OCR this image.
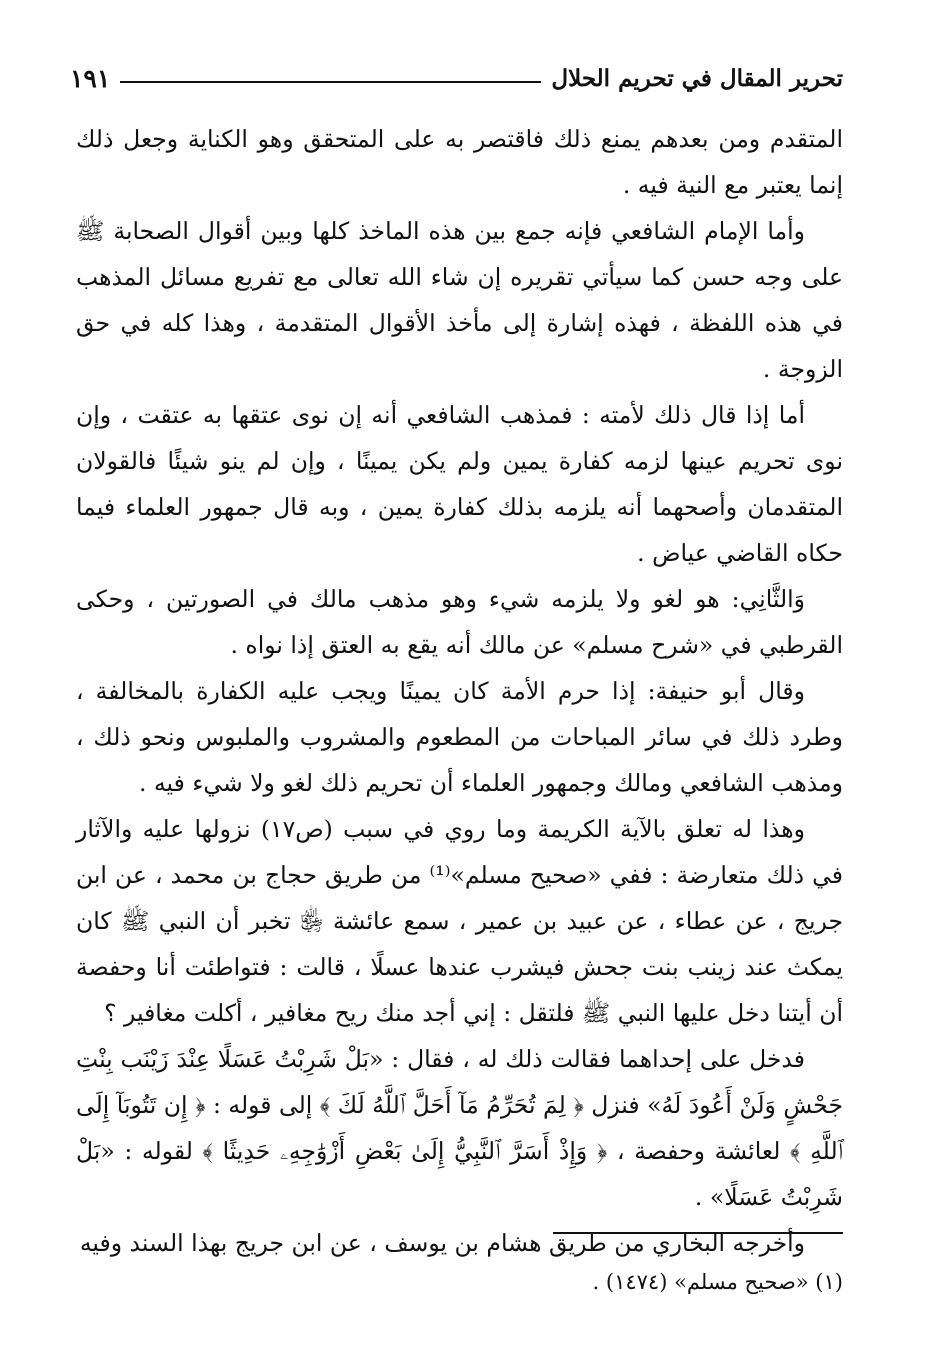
تحرير المقال في تحريم الحلال
١٩١

المتقدم ومن بعدهم يمنع ذلك فاقتصر به على المتحقق وهو الكناية وجعل ذلك إنما يعتبر مع النية فيه .

وأما الإمام الشافعي فإنه جمع بين هذه الماخذ كلها وبين أقوال الصحابة ﷺ على وجه حسن كما سيأتي تقريره إن شاء الله تعالى مع تفريع مسائل المذهب في هذه اللفظة ، فهذه إشارة إلى مأخذ الأقوال المتقدمة ، وهذا كله في حق الزوجة .

أما إذا قال ذلك لأمته : فمذهب الشافعي أنه إن نوى عتقها به عتقت ، وإن نوى تحريم عينها لزمه كفارة يمين ولم يكن يمينًا ، وإن لم ينو شيئًا فالقولان المتقدمان وأصحهما أنه يلزمه بذلك كفارة يمين ، وبه قال جمهور العلماء فيما حكاه القاضي عياض .

وَالثَّانِي: هو لغو ولا يلزمه شيء وهو مذهب مالك في الصورتين ، وحكى القرطبي في «شرح مسلم» عن مالك أنه يقع به العتق إذا نواه .

وقال أبو حنيفة: إذا حرم الأمة كان يمينًا ويجب عليه الكفارة بالمخالفة ، وطرد ذلك في سائر المباحات من المطعوم والمشروب والملبوس ونحو ذلك ، ومذهب الشافعي ومالك وجمهور العلماء أن تحريم ذلك لغو ولا شيء فيه .

وهذا له تعلق بالآية الكريمة وما روي في سبب (ص١٧) نزولها عليه والآثار في ذلك متعارضة : ففي «صحيح مسلم»⁽¹⁾ من طريق حجاج بن محمد ، عن ابن جريج ، عن عطاء ، عن عبيد بن عمير ، سمع عائشة ﵂ تخبر أن النبي ﷺ كان يمكث عند زينب بنت جحش فيشرب عندها عسلًا ، قالت : فتواطئت أنا وحفصة أن أيتنا دخل عليها النبي ﷺ فلتقل : إني أجد منك ريح مغافير ، أكلت مغافير ؟

فدخل على إحداهما فقالت ذلك له ، فقال : «بَلْ شَرِبْتُ عَسَلًا عِنْدَ زَيْنَب بِنْتِ جَحْشٍ وَلَنْ أَعُودَ لَهُ» فنزل ﴿ لِمَ تُحَرِّمُ مَآ أَحَلَّ ٱللَّهُ لَكَ ﴾ إلى قوله : ﴿ إِن تَتُوبَآ إِلَى ٱللَّهِ ﴾ لعائشة وحفصة ، ﴿ وَإِذْ أَسَرَّ ٱلنَّبِيُّ إِلَىٰ بَعْضِ أَزْوَٰجِهِۦ حَدِيثًا ﴾ لقوله : «بَلْ شَرِبْتُ عَسَلًا» .

وأخرجه البخاري من طريق هشام بن يوسف ، عن ابن جريج بهذا السند وفيه

(١) «صحيح مسلم» (١٤٧٤) .
